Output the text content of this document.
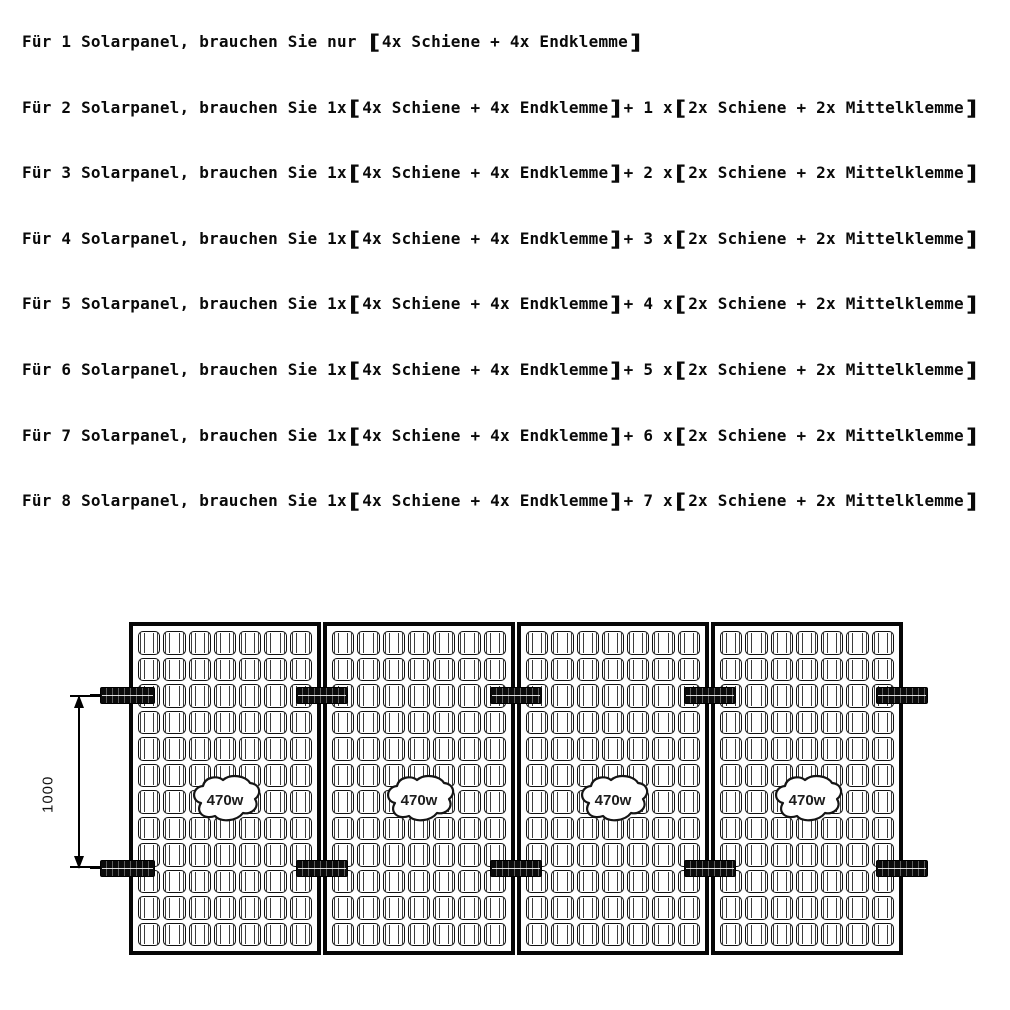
Für 1 Solarpanel, brauchen Sie nur [ 4x Schiene + 4x Endklemme]
Für 2 Solarpanel, brauchen Sie 1x[ 4x Schiene + 4x Endklemme] + 1 x[ 2x Schiene + 2x Mittelklemme]
Für 3 Solarpanel, brauchen Sie 1x[ 4x Schiene + 4x Endklemme] + 2 x[ 2x Schiene + 2x Mittelklemme]
Für 4 Solarpanel, brauchen Sie 1x[ 4x Schiene + 4x Endklemme] + 3 x[ 2x Schiene + 2x Mittelklemme]
Für 5 Solarpanel, brauchen Sie 1x[ 4x Schiene + 4x Endklemme] + 4 x[ 2x Schiene + 2x Mittelklemme]
Für 6 Solarpanel, brauchen Sie 1x[ 4x Schiene + 4x Endklemme] + 5 x[ 2x Schiene + 2x Mittelklemme]
Für 7 Solarpanel, brauchen Sie 1x[ 4x Schiene + 4x Endklemme] + 6 x[ 2x Schiene + 2x Mittelklemme]
Für 8 Solarpanel, brauchen Sie 1x[ 4x Schiene + 4x Endklemme] + 7 x[ 2x Schiene + 2x Mittelklemme]
1000	470w	470w	470w	470w
